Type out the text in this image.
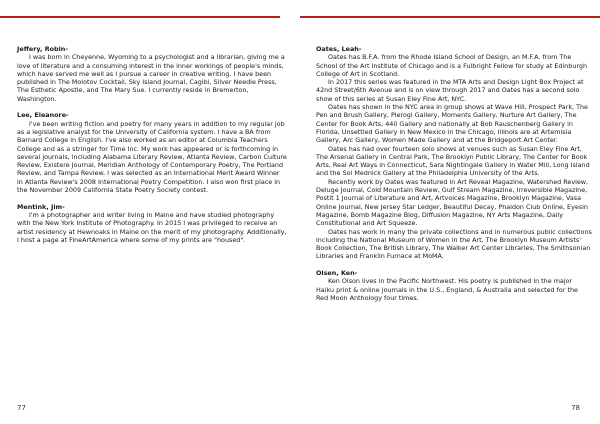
Jeffery, Robin-

I was born in Cheyenne, Wyoming to a psychologist and a librarian, giving me a love of literature and a consuming interest in the inner workings of people's minds, which have served me well as I pursue a career in creative writing. I have been published in The Molotov Cocktail, Sky Island Journal, Cagibi, Silver Needle Press, The Esthetic Apostle, and The Mary Sue. I currently reside in Bremerton, Washington.

Lee, Eleanore-

I've been writing fiction and poetry for many years in addition to my regular job as a legislative analyst for the University of California system. I have a BA from Barnard College in English. I've also worked as an editor at Columbia Teachers College and as a stringer for Time Inc. My work has appeared or is forthcoming in several journals, including Alabama Literary Review, Atlanta Review, Carbon Culture Review, Existere Journal, Meridian Anthology of Contemporary Poetry, The Portland Review, and Tampa Review. I was selected as an International Merit Award Winner in Atlanta Review's 2008 International Poetry Competition. I also won first place in the November 2009 California State Poetry Society contest.

Mentink, Jim-

I'm a photographer and writer living in Maine and have studied photography with the New York Institute of Photography. In 2015 I was privileged to receive an artist residency at Hewnoaks in Maine on the merit of my photography. Additionally, I host a page at FineArtAmerica where some of my prints are "housed".

77

Oates, Leah-

Oates has B.F.A. from the Rhode Island School of Design, an M.F.A. from The School of the Art Institute of Chicago and is a Fulbright Fellow for study at Edinburgh College of Art in Scotland.

In 2017 this series was featured in the MTA Arts and Design Light Box Project at 42nd Street/6th Avenue and is on view through 2017 and Oates has a second solo show of this series at Susan Eley Fine Art, NYC.

Oates has shown in the NYC area in group shows at Wave Hill, Prospect Park, The Pen and Brush Gallery, Pierogi Gallery, Moments Gallery, Nurture Art Gallery, The Center for Book Arts, 440 Gallery and nationally at Bob Rauschenberg Gallery in Florida, Unsettled Gallery in New Mexico in the Chicago, Illinois are at Artemisia Gallery, Arc Gallery, Women Made Gallery and at the Bridgeport Art Center.

Oates has had over fourteen solo shows at venues such as Susan Eley Fine Art, The Arsenal Gallery in Central Park, The Brooklyn Public Library, The Center for Book Arts, Real Art Ways in Connecticut, Sara Nightingale Gallery in Water Mill, Long Island and the Sol Mednick Gallery at the Philadelphia University of the Arts.

Recently work by Oates was featured in Art Reveal Magazine, Watershed Review, Deluge Journal, Cold Mountain Review, Gulf Stream Magazine, Irreversible Magazine, Postit 1 Journal of Literature and Art, Artvoices Magazine, Brooklyn Magazine, Vasa Online Journal, New Jersey Star Ledger, Beautiful Decay, Phaidon Club Online, Eyesin Magazine, Bomb Magazine Blog, Diffusion Magazine, NY Arts Magazine, Daily Constitutional and Art Squeeze.

Oates has work in many the private collections and in numerous public collections including the National Museum of Women in the Art, The Brooklyn Museum Artists' Book Collection, The British Library, The Walker Art Center Libraries, The Smithsonian Libraries and Franklin Furnace at MoMA.

Olsen, Ken-

Ken Olson lives in the Pacific Northwest. His poetry is published in the major Haiku print & online journals in the U.S., England, & Australia and selected for the Red Moon Anthology four times.

78
